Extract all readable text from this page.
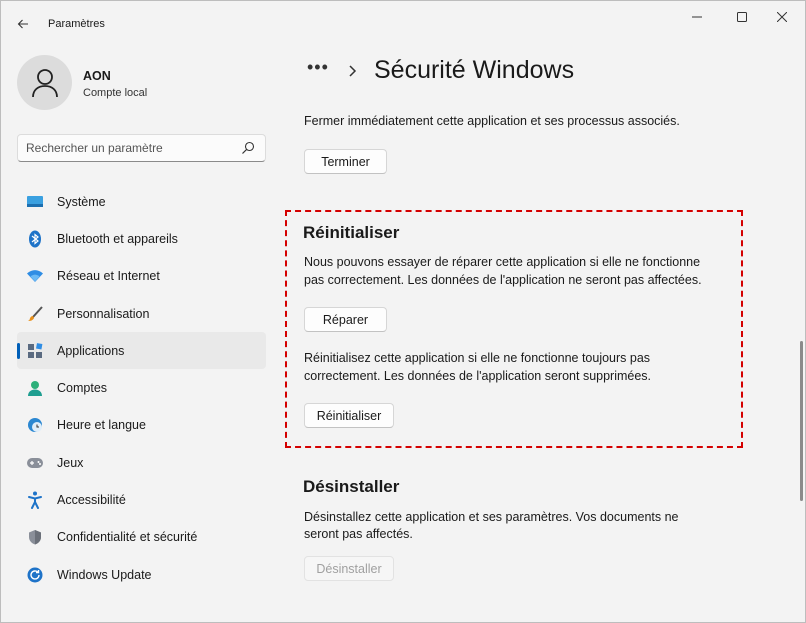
Paramètres
AON
Compte local
Rechercher un paramètre
Système
Bluetooth et appareils
Réseau et Internet
Personnalisation
Applications
Comptes
Heure et langue
Jeux
Accessibilité
Confidentialité et sécurité
Windows Update
••• Sécurité Windows
Fermer immédiatement cette application et ses processus associés.
Terminer
Réinitialiser
Nous pouvons essayer de réparer cette application si elle ne fonctionne
pas correctement. Les données de l'application ne seront pas affectées.
Réparer
Réinitialisez cette application si elle ne fonctionne toujours pas
correctement. Les données de l'application seront supprimées.
Réinitialiser
Désinstaller
Désinstallez cette application et ses paramètres. Vos documents ne
seront pas affectés.
Désinstaller
